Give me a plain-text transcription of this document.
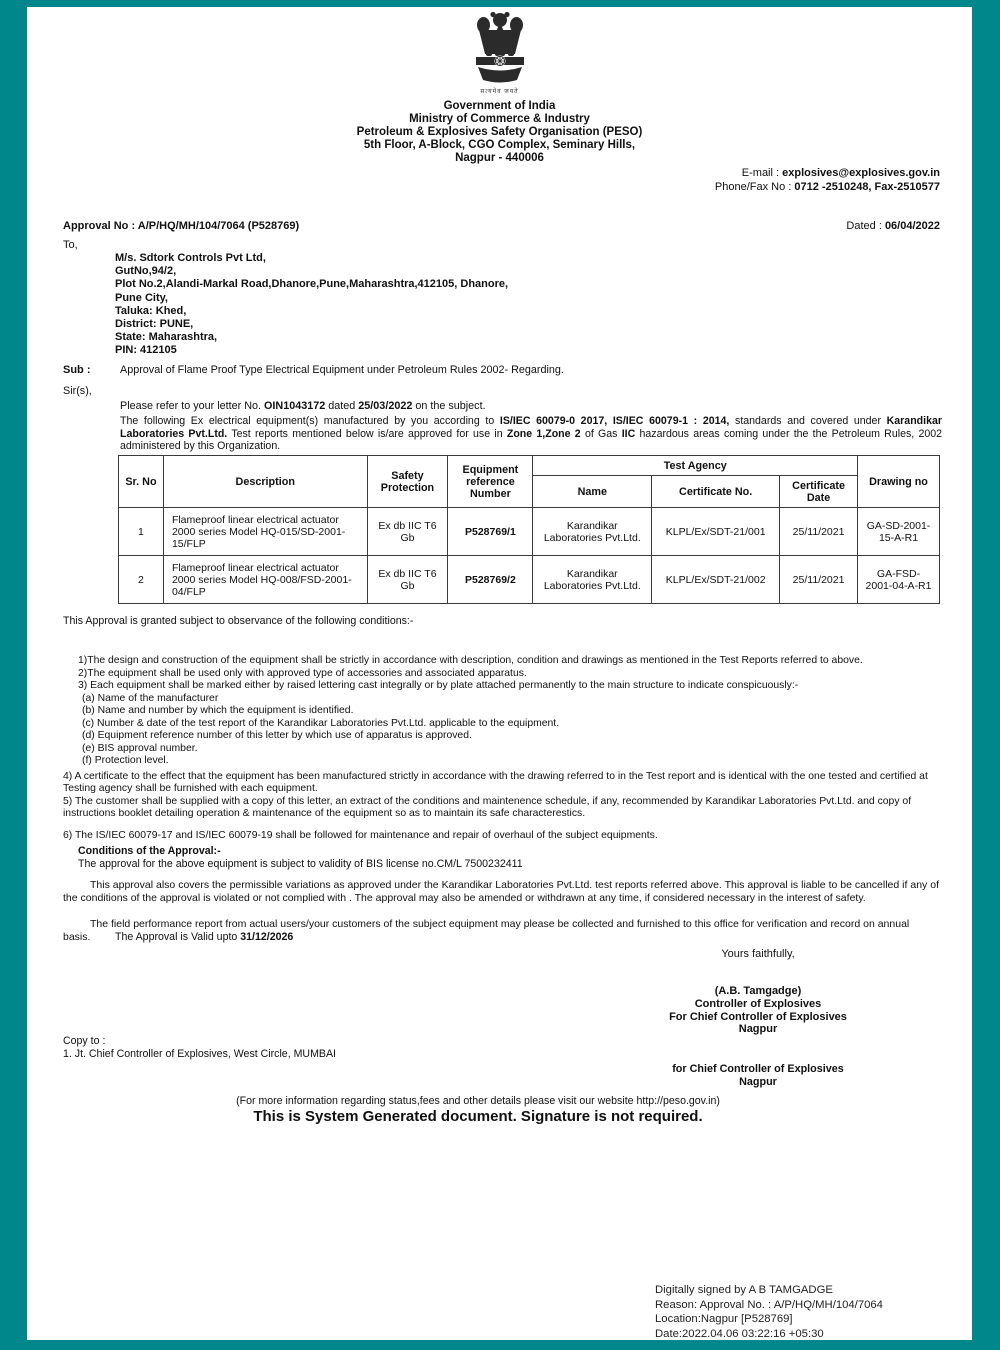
सत्यमेव जयते
Government of India
Ministry of Commerce & Industry
Petroleum & Explosives Safety Organisation (PESO)
5th Floor, A-Block, CGO Complex, Seminary Hills,
Nagpur - 440006
E-mail : explosives@explosives.gov.in
Phone/Fax No : 0712 -2510248, Fax-2510577
Approval No : A/P/HQ/MH/104/7064 (P528769)	Dated : 06/04/2022
To,
M/s. Sdtork Controls Pvt Ltd,
GutNo,94/2,
Plot No.2,Alandi-Markal Road,Dhanore,Pune,Maharashtra,412105, Dhanore,
Pune City,
Taluka: Khed,
District: PUNE,
State: Maharashtra,
PIN: 412105
Sub :	Approval of Flame Proof Type Electrical Equipment under Petroleum Rules 2002- Regarding.
Sir(s),
Please refer to your letter No. OIN1043172 dated 25/03/2022 on the subject.
The following Ex electrical equipment(s) manufactured by you according to IS/IEC 60079-0 2017, IS/IEC 60079-1 : 2014, standards and covered under Karandikar Laboratories Pvt.Ltd. Test reports mentioned below is/are approved for use in Zone 1,Zone 2 of Gas IIC hazardous areas coming under the the Petroleum Rules, 2002 administered by this Organization.
Sr. No	Description	Safety Protection	Equipment reference Number	Test Agency			Drawing no
				Name	Certificate No.	Certificate Date	
1	Flameproof linear electrical actuator 2000 series Model HQ-015/SD-2001-15/FLP	Ex db IIC T6 Gb	P528769/1	Karandikar Laboratories Pvt.Ltd.	KLPL/Ex/SDT-21/001	25/11/2021	GA-SD-2001-15-A-R1
2	Flameproof linear electrical actuator 2000 series Model HQ-008/FSD-2001-04/FLP	Ex db IIC T6 Gb	P528769/2	Karandikar Laboratories Pvt.Ltd.	KLPL/Ex/SDT-21/002	25/11/2021	GA-FSD-2001-04-A-R1
This Approval is granted subject to observance of the following conditions:-
1)The design and construction of the equipment shall be strictly in accordance with description, condition and drawings as mentioned in the Test Reports referred to above.
2)The equipment shall be used only with approved type of accessories and associated apparatus.
3) Each equipment shall be marked either by raised lettering cast integrally or by plate attached permanently to the main structure to indicate conspicuously:-
(a) Name of the manufacturer
(b) Name and number by which the equipment is identified.
(c) Number & date of the test report of the Karandikar Laboratories Pvt.Ltd. applicable to the equipment.
(d) Equipment reference number of this letter by which use of apparatus is approved.
(e) BIS approval number.
(f) Protection level.
4) A certificate to the effect that the equipment has been manufactured strictly in accordance with the drawing referred to in the Test report and is identical with the one tested and certified at Testing agency shall be furnished with each equipment.
5) The customer shall be supplied with a copy of this letter, an extract of the conditions and maintenence schedule, if any, recommended by Karandikar Laboratories Pvt.Ltd. and copy of instructions booklet detailing operation & maintenance of the equipment so as to maintain its safe characterestics.
6) The IS/IEC 60079-17 and IS/IEC 60079-19 shall be followed for maintenance and repair of overhaul of the subject equipments.
Conditions of the Approval:-
The approval for the above equipment is subject to validity of BIS license no.CM/L 7500232411
This approval also covers the permissible variations as approved under the Karandikar Laboratories Pvt.Ltd. test reports referred above. This approval is liable to be cancelled if any of the conditions of the approval is violated or not complied with . The approval may also be amended or withdrawn at any time, if considered necessary in the interest of safety.
The field performance report from actual users/your customers of the subject equipment may please be collected and furnished to this office for verification and record on annual basis.	The Approval is Valid upto 31/12/2026
Yours faithfully,
(A.B. Tamgadge)
Controller of Explosives
For Chief Controller of Explosives
Nagpur
Copy to :
1. Jt. Chief Controller of Explosives, West Circle, MUMBAI
for Chief Controller of Explosives
Nagpur
(For more information regarding status,fees and other details please visit our website http://peso.gov.in)
This is System Generated document. Signature is not required.
Digitally signed by A B TAMGADGE
Reason: Approval No. : A/P/HQ/MH/104/7064
Location:Nagpur [P528769]
Date:2022.04.06 03:22:16 +05:30
